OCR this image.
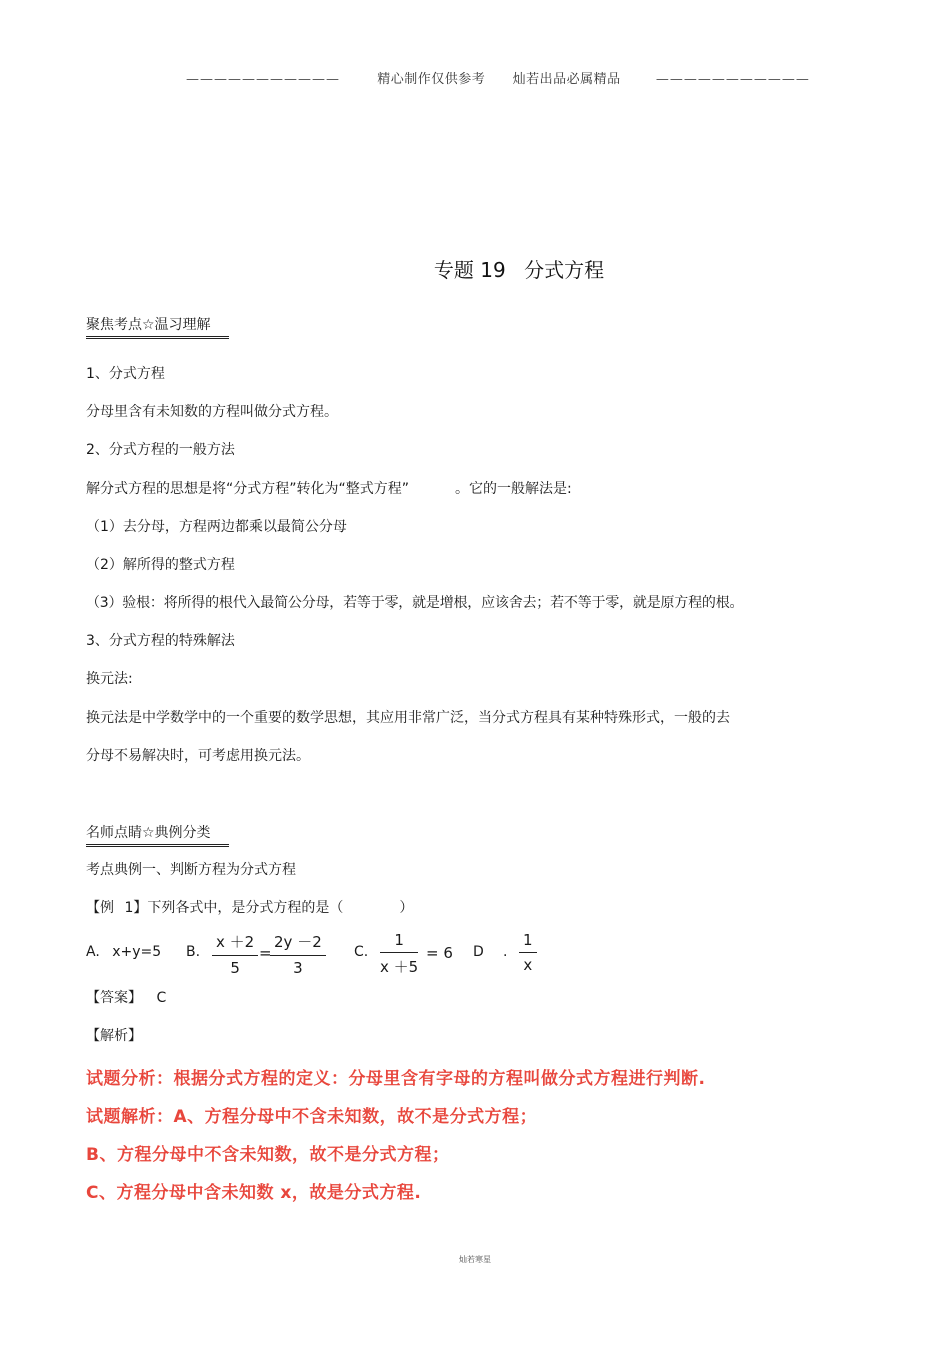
———————————	精心制作仅供参考 灿若出品必属精品	———————————
专题 19 分式方程
聚焦考点☆温习理解
1、分式方程
分母里含有未知数的方程叫做分式方程。
2、分式方程的一般方法
解分式方程的思想是将“分式方程”转化为“整式方程”	。它的一般解法是:
（1）去分母，方程两边都乘以最简公分母
（2）解所得的整式方程
（3）验根：将所得的根代入最简公分母，若等于零，就是增根，应该舍去；若不等于零，就是原方程的根。
3、分式方程的特殊解法
换元法:
换元法是中学数学中的一个重要的数学思想，其应用非常广泛，当分式方程具有某种特殊形式，一般的去
分母不易解决时，可考虑用换元法。
名师点睛☆典例分类
考点典例一、判断方程为分式方程
【例 1】下列各式中，是分式方程的是（	）
A. x+y=5 B. $\frac{x +2}{5}$ =
$\frac{2y -2}{3} C$. $\frac{1}{x +5} = 6$ D . $\frac{1}{x}$
【答案】 C
【解析】
试题分析：根据分式方程的定义：分母里含有字母的方程叫做分式方程进行判断.
试题解析：A、方程分母中不含未知数，故不是分式方程；
B、方程分母中不含未知数，故不是分式方程；
C、方程分母中含未知数 x，故是分式方程.
灿若寒星
